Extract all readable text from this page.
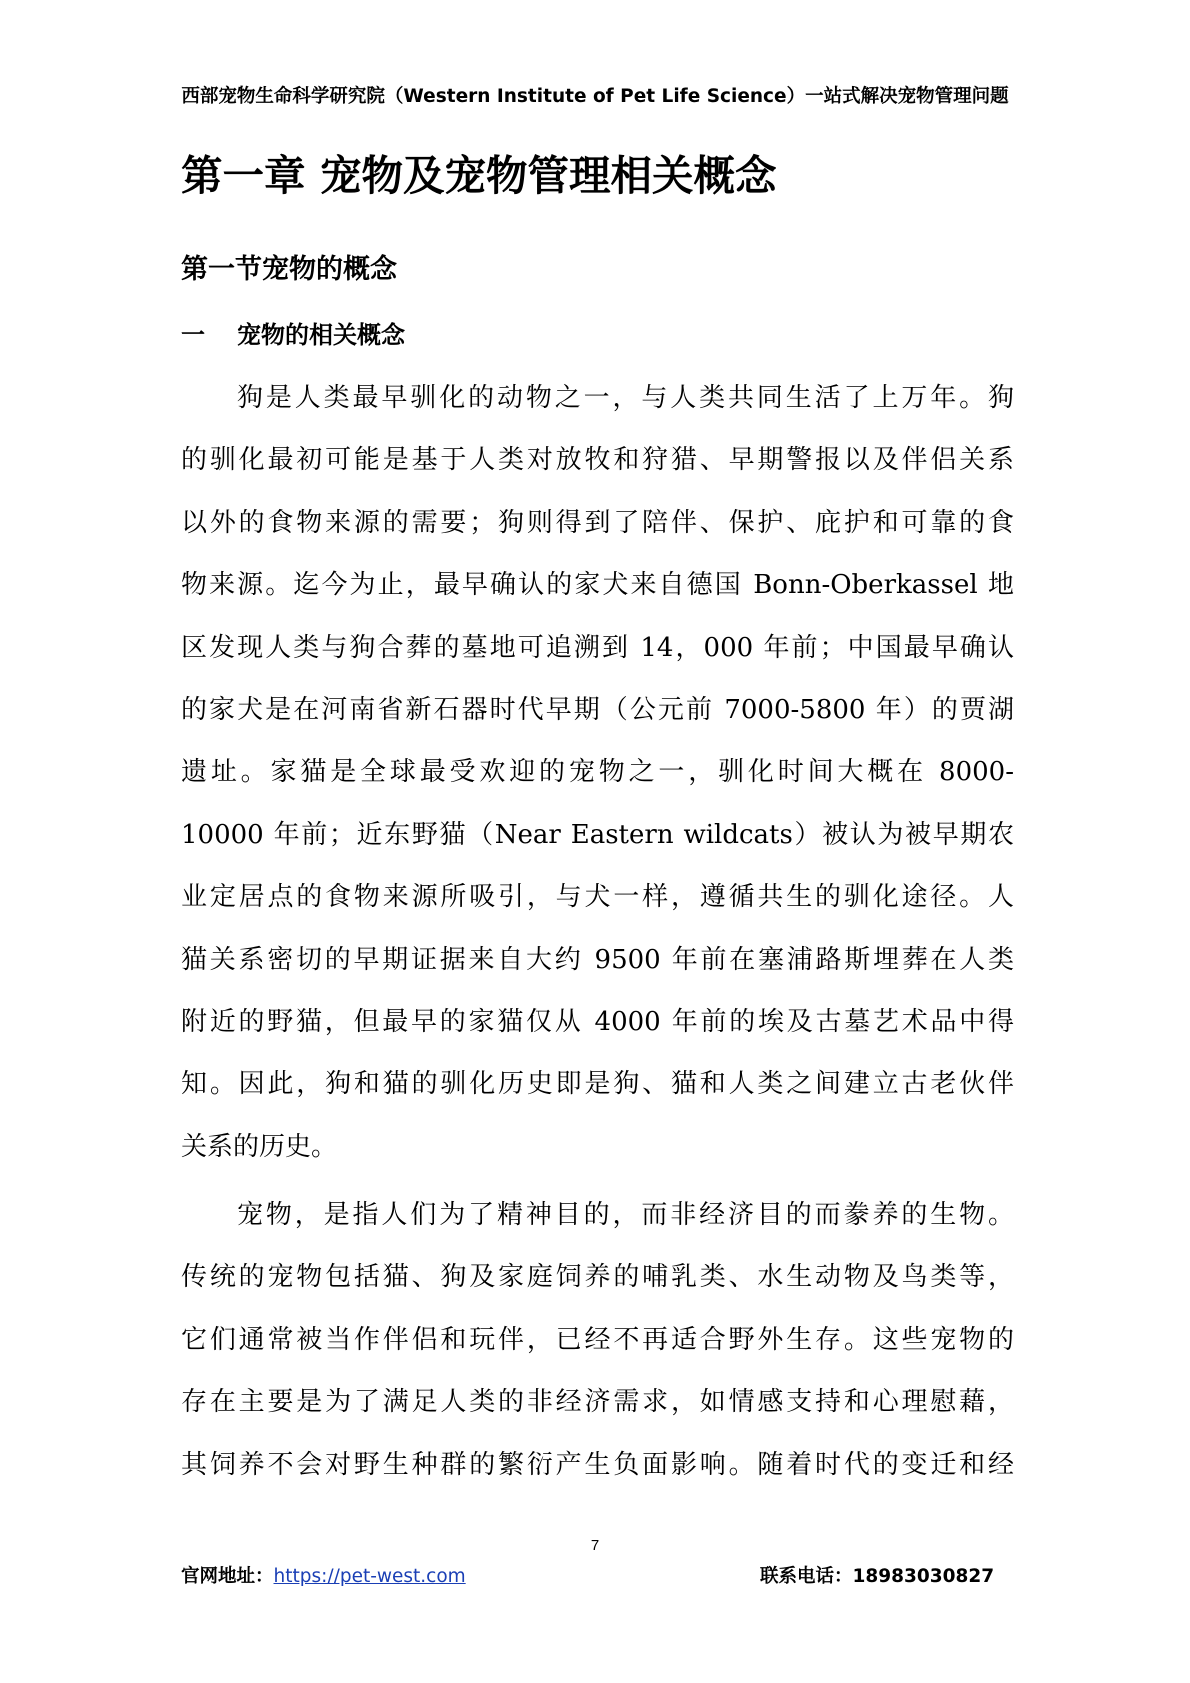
西部宠物生命科学研究院（Western Institute of Pet Life Science）一站式解决宠物管理问题
第一章 宠物及宠物管理相关概念
第一节宠物的概念
一 宠物的相关概念
狗是人类最早驯化的动物之一，与人类共同生活了上万年。狗
的驯化最初可能是基于人类对放牧和狩猎、早期警报以及伴侣关系
以外的食物来源的需要；狗则得到了陪伴、保护、庇护和可靠的食
物来源。迄今为止，最早确认的家犬来自德国 Bonn-Oberkassel 地
区发现人类与狗合葬的墓地可追溯到 14，000 年前；中国最早确认
的家犬是在河南省新石器时代早期（公元前 7000-5800 年）的贾湖
遗址。家猫是全球最受欢迎的宠物之一，驯化时间大概在 8000-
10000 年前；近东野猫（Near Eastern wildcats）被认为被早期农
业定居点的食物来源所吸引，与犬一样，遵循共生的驯化途径。人
猫关系密切的早期证据来自大约 9500 年前在塞浦路斯埋葬在人类
附近的野猫，但最早的家猫仅从 4000 年前的埃及古墓艺术品中得
知。因此，狗和猫的驯化历史即是狗、猫和人类之间建立古老伙伴
关系的历史。
宠物，是指人们为了精神目的，而非经济目的而豢养的生物。
传统的宠物包括猫、狗及家庭饲养的哺乳类、水生动物及鸟类等，
它们通常被当作伴侣和玩伴，已经不再适合野外生存。这些宠物的
存在主要是为了满足人类的非经济需求，如情感支持和心理慰藉，
其饲养不会对野生种群的繁衍产生负面影响。随着时代的变迁和经
7
官网地址：https://pet-west.com	联系电话：18983030827
